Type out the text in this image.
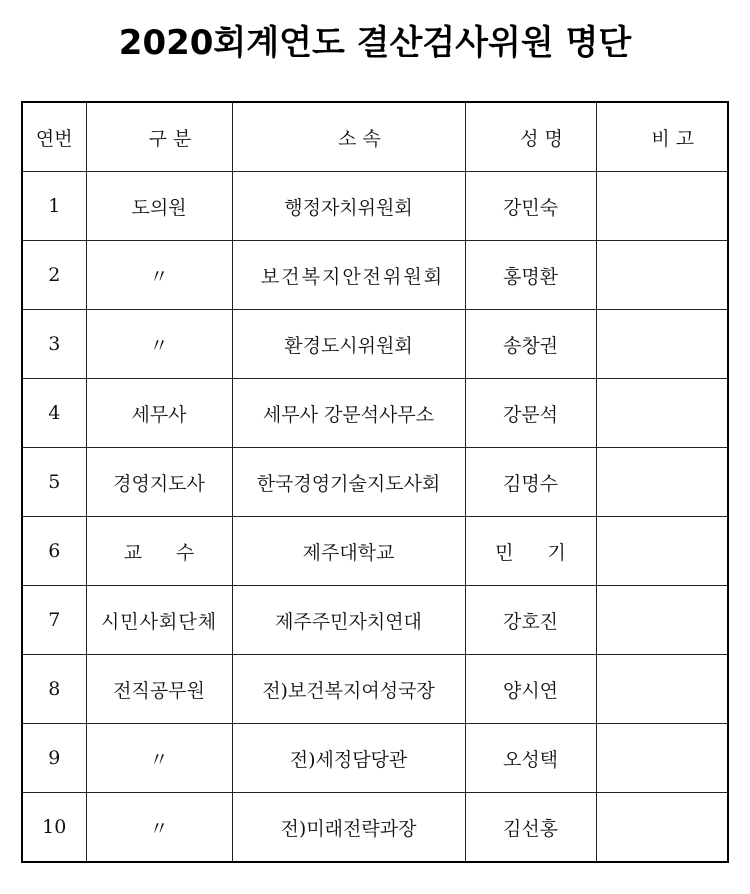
2020회계연도 결산검사위원 명단
연번	구 분	소 속	성 명	비 고
1	도의원	행정자치위원회	강민숙	
2	〃	보건복지안전위원회	홍명환	
3	〃	환경도시위원회	송창권	
4	세무사	세무사 강문석사무소	강문석	
5	경영지도사	한국경영기술지도사회	김명수	
6	교 수	제주대학교	민 기	
7	시민사회단체	제주주민자치연대	강호진	
8	전직공무원	전)보건복지여성국장	양시연	
9	〃	전)세정담당관	오성택	
10	〃	전)미래전략과장	김선홍	
